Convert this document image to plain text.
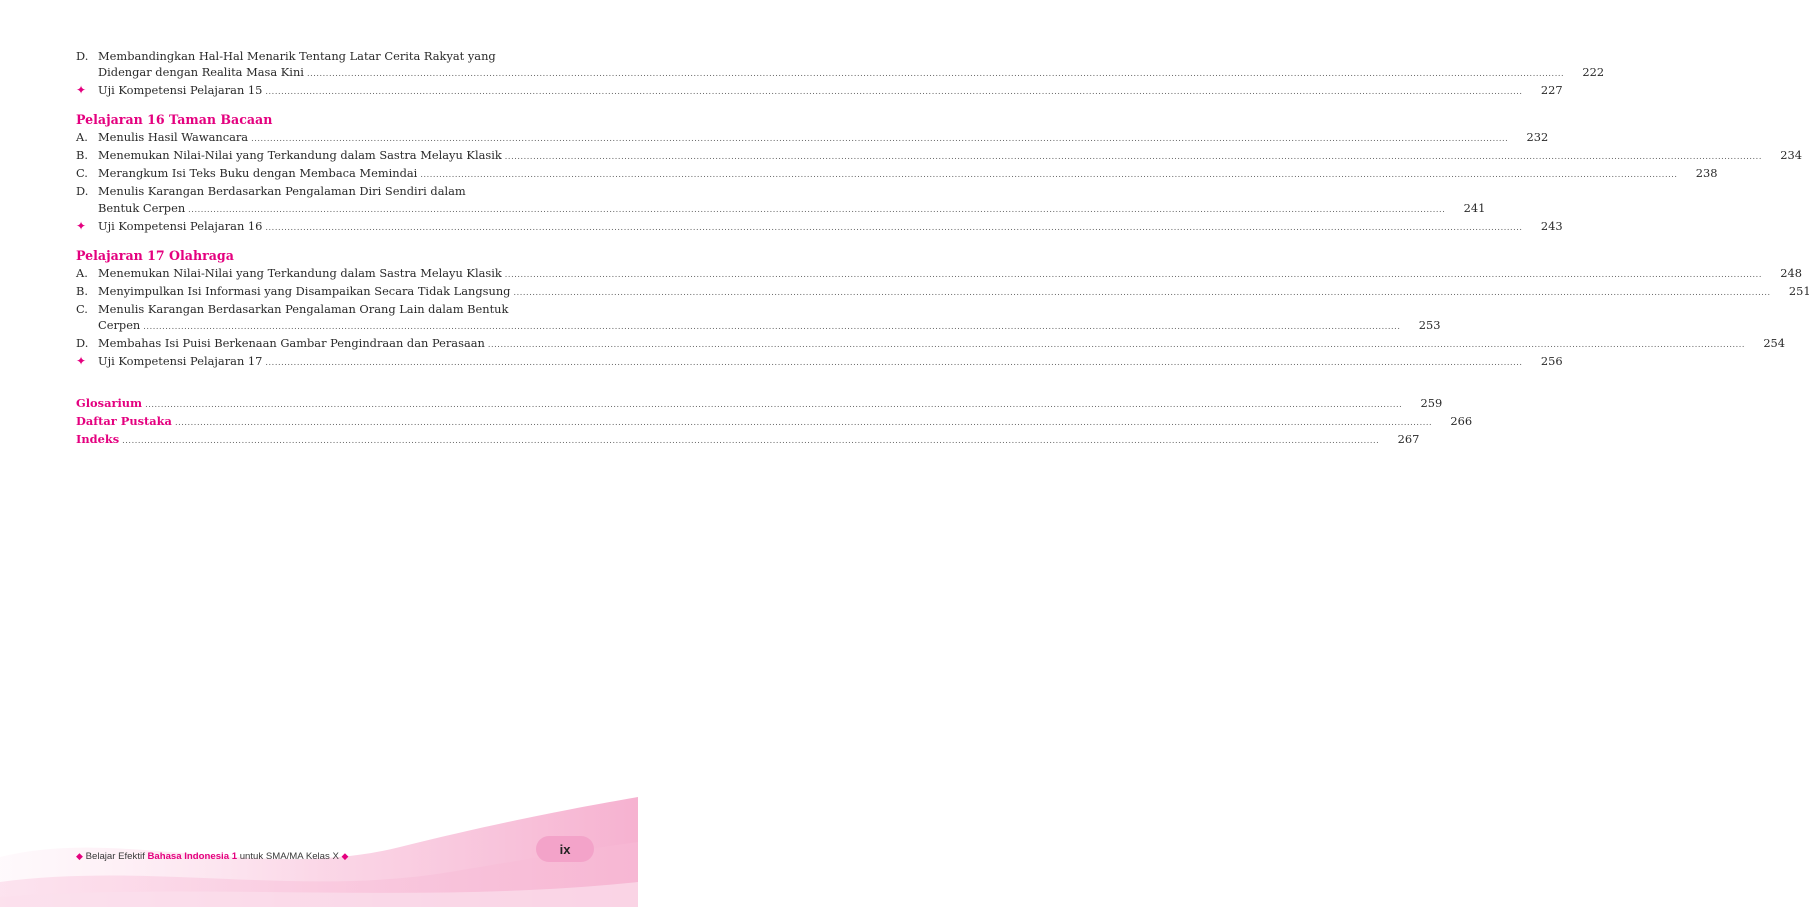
D. Membandingkan Hal-Hal Menarik Tentang Latar Cerita Rakyat yang
Didengar dengan Realita Masa Kini ................................................................................................................................................................................................................................................................................................................................................................................................................	222
✦	Uji Kompetensi Pelajaran 15 ................................................................................................................................................................................................................................................................................................................................................................................................................	227
Pelajaran 16 Taman Bacaan
A. Menulis Hasil Wawancara ................................................................................................................................................................................................................................................................................................................................................................................................................	232
B. Menemukan Nilai-Nilai yang Terkandung dalam Sastra Melayu Klasik ................................................................................................................................................................................................................................................................................................................................................................................................................	234
C. Merangkum Isi Teks Buku dengan Membaca Memindai ................................................................................................................................................................................................................................................................................................................................................................................................................	238
D. Menulis Karangan Berdasarkan Pengalaman Diri Sendiri dalam
Bentuk Cerpen ................................................................................................................................................................................................................................................................................................................................................................................................................	241
✦	Uji Kompetensi Pelajaran 16 ................................................................................................................................................................................................................................................................................................................................................................................................................	243
Pelajaran 17 Olahraga
A. Menemukan Nilai-Nilai yang Terkandung dalam Sastra Melayu Klasik ................................................................................................................................................................................................................................................................................................................................................................................................................	248
B. Menyimpulkan Isi Informasi yang Disampaikan Secara Tidak Langsung ................................................................................................................................................................................................................................................................................................................................................................................................................	251
C. Menulis Karangan Berdasarkan Pengalaman Orang Lain dalam Bentuk
Cerpen ................................................................................................................................................................................................................................................................................................................................................................................................................	253
D. Membahas Isi Puisi Berkenaan Gambar Pengindraan dan Perasaan ................................................................................................................................................................................................................................................................................................................................................................................................................	254
✦	Uji Kompetensi Pelajaran 17 ................................................................................................................................................................................................................................................................................................................................................................................................................	256
Glosarium ................................................................................................................................................................................................................................................................................................................................................................................................................	259
Daftar Pustaka ................................................................................................................................................................................................................................................................................................................................................................................................................	266
Indeks ................................................................................................................................................................................................................................................................................................................................................................................................................	267
ix
◆ Belajar Efektif Bahasa Indonesia 1 untuk SMA/MA Kelas X ◆
